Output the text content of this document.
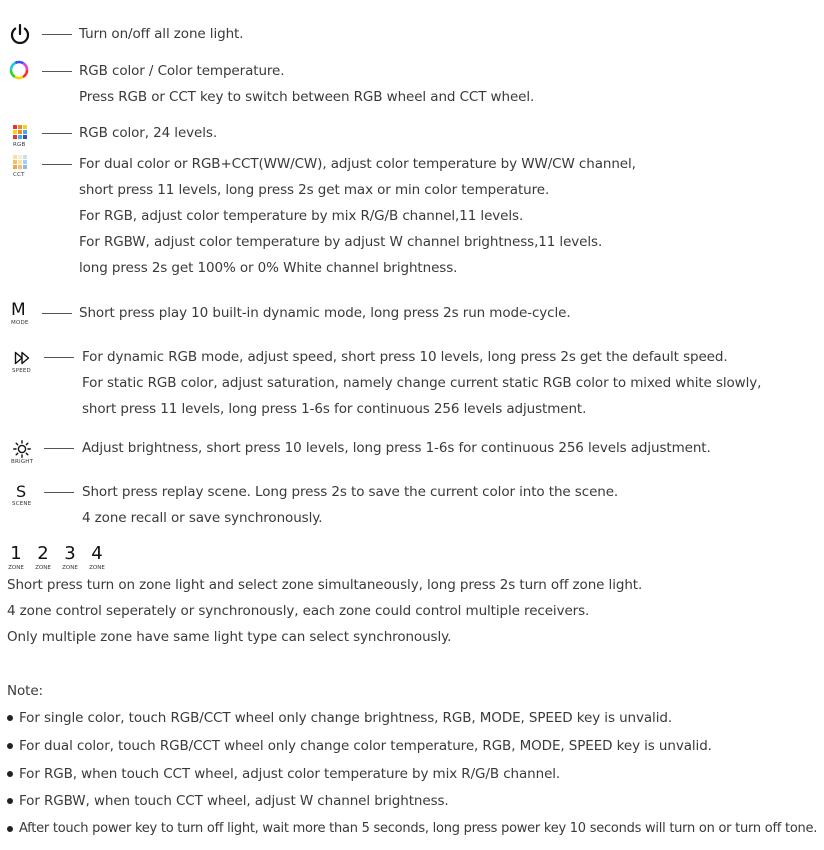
Turn on/off all zone light.
RGB color / Color temperature.
Press RGB or CCT key to switch between RGB wheel and CCT wheel.
RGB
RGB color, 24 levels.
CCT
For dual color or RGB+CCT(WW/CW), adjust color temperature by WW/CW channel,
short press 11 levels, long press 2s get max or min color temperature.
For RGB, adjust color temperature by mix R/G/B channel,11 levels.
For RGBW, adjust color temperature by adjust W channel brightness,11 levels.
long press 2s get 100% or 0% White channel brightness.
M
MODE
Short press play 10 built-in dynamic mode, long press 2s run mode-cycle.
SPEED
For dynamic RGB mode, adjust speed, short press 10 levels, long press 2s get the default speed.
For static RGB color, adjust saturation, namely change current static RGB color to mixed white slowly,
short press 11 levels, long press 1-6s for continuous 256 levels adjustment.
BRIGHT
Adjust brightness, short press 10 levels, long press 1-6s for continuous 256 levels adjustment.
S
SCENE
Short press replay scene. Long press 2s to save the current color into the scene.
4 zone recall or save synchronously.
1
ZONE
2
ZONE
3
ZONE
4
ZONE
Short press turn on zone light and select zone simultaneously, long press 2s turn off zone light.
4 zone control seperately or synchronously, each zone could control multiple receivers.
Only multiple zone have same light type can select synchronously.
Note:
For single color, touch RGB/CCT wheel only change brightness, RGB, MODE, SPEED key is unvalid.
For dual color, touch RGB/CCT wheel only change color temperature, RGB, MODE, SPEED key is unvalid.
For RGB, when touch CCT wheel, adjust color temperature by mix R/G/B channel.
For RGBW, when touch CCT wheel, adjust W channel brightness.
After touch power key to turn off light, wait more than 5 seconds, long press power key 10 seconds will turn on or turn off tone.
